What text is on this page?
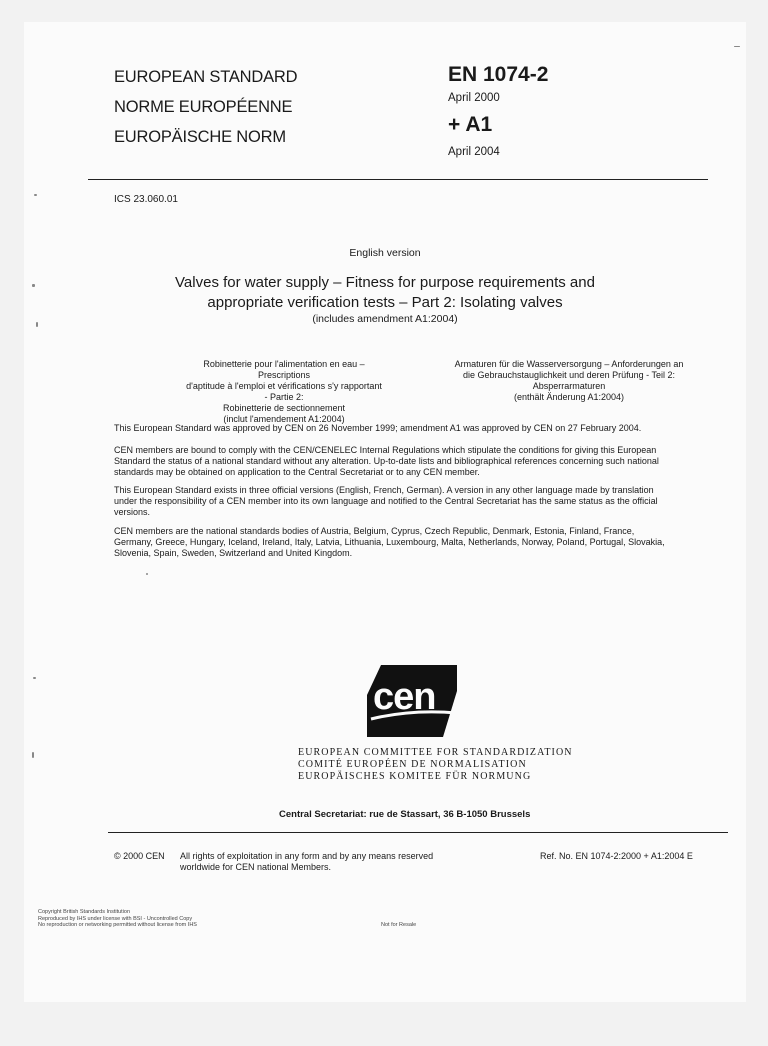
EUROPEAN STANDARD
NORME EUROPÉENNE
EUROPÄISCHE NORM
EN 1074-2
April 2000
+ A1
April 2004
ICS 23.060.01
English version
Valves for water supply – Fitness for purpose requirements and
appropriate verification tests – Part 2: Isolating valves
(includes amendment A1:2004)
Robinetterie pour l'alimentation en eau – Prescriptions
d'aptitude à l'emploi et vérifications s'y rapportant - Partie 2:
Robinetterie de sectionnement
(inclut l'amendement A1:2004)
Armaturen für die Wasserversorgung – Anforderungen an
die Gebrauchstauglichkeit und deren Prüfung - Teil 2:
Absperrarmaturen
(enthält Änderung A1:2004)
This European Standard was approved by CEN on 26 November 1999; amendment A1 was approved by CEN on 27 February 2004.
CEN members are bound to comply with the CEN/CENELEC Internal Regulations which stipulate the conditions for giving this European
Standard the status of a national standard without any alteration. Up-to-date lists and bibliographical references concerning such national
standards may be obtained on application to the Central Secretariat or to any CEN member.
This European Standard exists in three official versions (English, French, German). A version in any other language made by translation
under the responsibility of a CEN member into its own language and notified to the Central Secretariat has the same status as the official
versions.
CEN members are the national standards bodies of Austria, Belgium, Cyprus, Czech Republic, Denmark, Estonia, Finland, France,
Germany, Greece, Hungary, Iceland, Ireland, Italy, Latvia, Lithuania, Luxembourg, Malta, Netherlands, Norway, Poland, Portugal, Slovakia,
Slovenia, Spain, Sweden, Switzerland and United Kingdom.
cen
EUROPEAN COMMITTEE FOR STANDARDIZATION
COMITÉ EUROPÉEN DE NORMALISATION
EUROPÄISCHES KOMITEE FÜR NORMUNG
Central Secretariat: rue de Stassart, 36 B-1050 Brussels
© 2000 CEN All rights of exploitation in any form and by any means reserved
worldwide for CEN national Members.
Ref. No. EN 1074-2:2000 + A1:2004 E
Copyright British Standards Institution
Reproduced by IHS under license with BSI - Uncontrolled Copy
No reproduction or networking permitted without license from IHS	Not for Resale
